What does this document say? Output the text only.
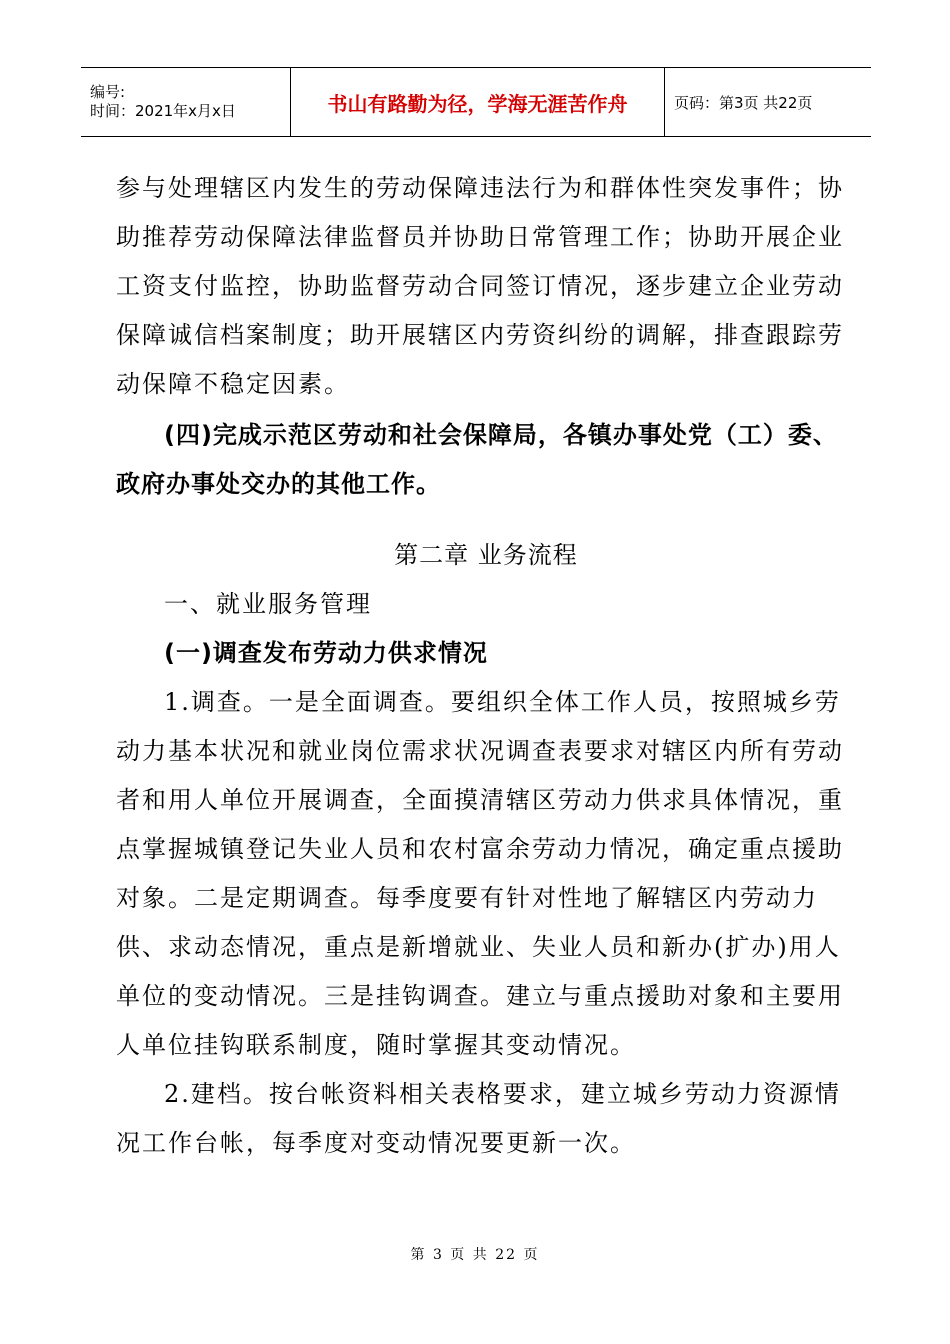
编号:
时间：2021年x月x日	书山有路勤为径，学海无涯苦作舟	页码：第3页 共22页

参与处理辖区内发生的劳动保障违法行为和群体性突发事件；协助推荐劳动保障法律监督员并协助日常管理工作；协助开展企业工资支付监控，协助监督劳动合同签订情况，逐步建立企业劳动保障诚信档案制度；助开展辖区内劳资纠纷的调解，排查跟踪劳动保障不稳定因素。

(四)完成示范区劳动和社会保障局，各镇办事处党（工）委、政府办事处交办的其他工作。

第二章 业务流程

一、就业服务管理

(一)调查发布劳动力供求情况

1.调查。一是全面调查。要组织全体工作人员，按照城乡劳动力基本状况和就业岗位需求状况调查表要求对辖区内所有劳动者和用人单位开展调查，全面摸清辖区劳动力供求具体情况，重点掌握城镇登记失业人员和农村富余劳动力情况，确定重点援助对象。二是定期调查。每季度要有针对性地了解辖区内劳动力供、求动态情况，重点是新增就业、失业人员和新办(扩办)用人单位的变动情况。三是挂钩调查。建立与重点援助对象和主要用人单位挂钩联系制度，随时掌握其变动情况。

2.建档。按台帐资料相关表格要求，建立城乡劳动力资源情况工作台帐，每季度对变动情况要更新一次。

第 3 页 共 22 页
